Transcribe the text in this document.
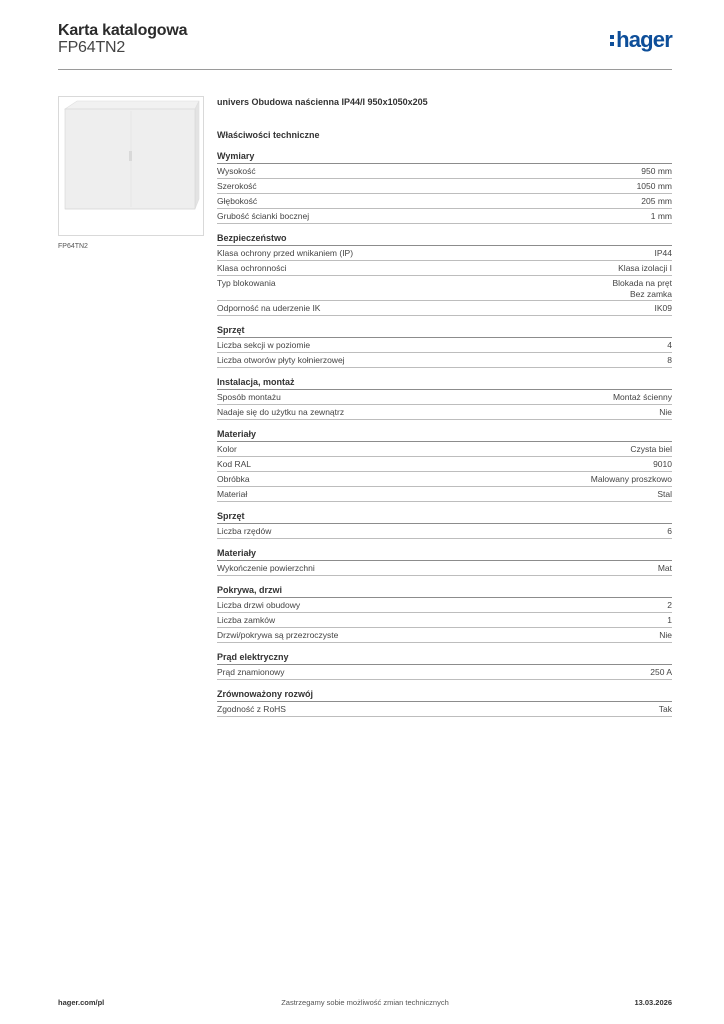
Karta katalogowa
FP64TN2	hager
FP64TN2
univers Obudowa naścienna IP44/I 950x1050x205
Właściwości techniczne
Wymiary
Wysokość	950 mm
Szerokość	1050 mm
Głębokość	205 mm
Grubość ścianki bocznej	1 mm
Bezpieczeństwo
Klasa ochrony przed wnikaniem (IP)	IP44
Klasa ochronności	Klasa izolacji I
Typ blokowania	Blokada na pręt
Bez zamka
Odporność na uderzenie IK	IK09
Sprzęt
Liczba sekcji w poziomie	4
Liczba otworów płyty kołnierzowej	8
Instalacja, montaż
Sposób montażu	Montaż ścienny
Nadaje się do użytku na zewnątrz	Nie
Materiały
Kolor	Czysta biel
Kod RAL	9010
Obróbka	Malowany proszkowo
Materiał	Stal
Sprzęt
Liczba rzędów	6
Materiały
Wykończenie powierzchni	Mat
Pokrywa, drzwi
Liczba drzwi obudowy	2
Liczba zamków	1
Drzwi/pokrywa są przezroczyste	Nie
Prąd elektryczny
Prąd znamionowy	250 A
Zrównoważony rozwój
Zgodność z RoHS	Tak
hager.com/pl	Zastrzegamy sobie możliwość zmian technicznych	13.03.2026
